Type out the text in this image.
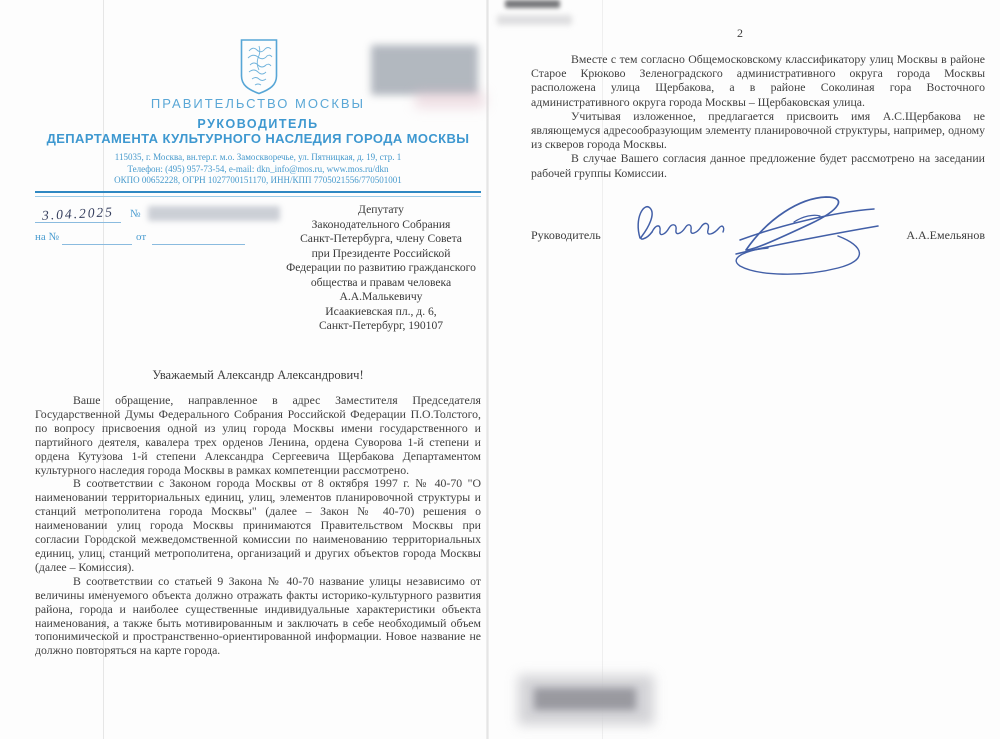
ПРАВИТЕЛЬСТВО МОСКВЫ
РУКОВОДИТЕЛЬ
ДЕПАРТАМЕНТА КУЛЬТУРНОГО НАСЛЕДИЯ ГОРОДА МОСКВЫ
115035, г. Москва, вн.тер.г. м.о. Замоскворечье, ул. Пятницкая, д. 19, стр. 1
Телефон: (495) 957-73-54, e-mail: dkn_info@mos.ru, www.mos.ru/dkn
ОКПО 00652228, ОГРН 1027700151170, ИНН/КПП 7705021556/770501001
3.04.2025 №
на №	от
Депутату
Законодательного Собрания
Санкт-Петербурга, члену Совета
при Президенте Российской
Федерации по развитию гражданского
общества и правам человека
А.А.Малькевичу
Исаакиевская пл., д. 6,
Санкт-Петербург, 190107

Уважаемый Александр Александрович!

Ваше обращение, направленное в адрес Заместителя Председателя Государственной Думы Федерального Собрания Российской Федерации П.О.Толстого, по вопросу присвоения одной из улиц города Москвы имени государственного и партийного деятеля, кавалера трех орденов Ленина, ордена Суворова 1-й степени и ордена Кутузова 1-й степени Александра Сергеевича Щербакова Департаментом культурного наследия города Москвы в рамках компетенции рассмотрено.

В соответствии с Законом города Москвы от 8 октября 1997 г. № 40-70 "О наименовании территориальных единиц, улиц, элементов планировочной структуры и станций метрополитена города Москвы" (далее – Закон № 40-70) решения о наименовании улиц города Москвы принимаются Правительством Москвы при согласии Городской межведомственной комиссии по наименованию территориальных единиц, улиц, станций метрополитена, организаций и других объектов города Москвы (далее – Комиссия).

В соответствии со статьей 9 Закона № 40-70 название улицы независимо от величины именуемого объекта должно отражать факты историко-культурного развития района, города и наиболее существенные индивидуальные характеристики объекта наименования, а также быть мотивированным и заключать в себе необходимый объем топонимической и пространственно-ориентированной информации. Новое название не должно повторяться на карте города.

2

Вместе с тем согласно Общемосковскому классификатору улиц Москвы в районе Старое Крюково Зеленоградского административного округа города Москвы расположена улица Щербакова, а в районе Соколиная гора Восточного административного округа города Москвы – Щербаковская улица.

Учитывая изложенное, предлагается присвоить имя А.С.Щербакова не являющемуся адресообразующим элементу планировочной структуры, например, одному из скверов города Москвы.

В случае Вашего согласия данное предложение будет рассмотрено на заседании рабочей группы Комиссии.

Руководитель	А.А.Емельянов
